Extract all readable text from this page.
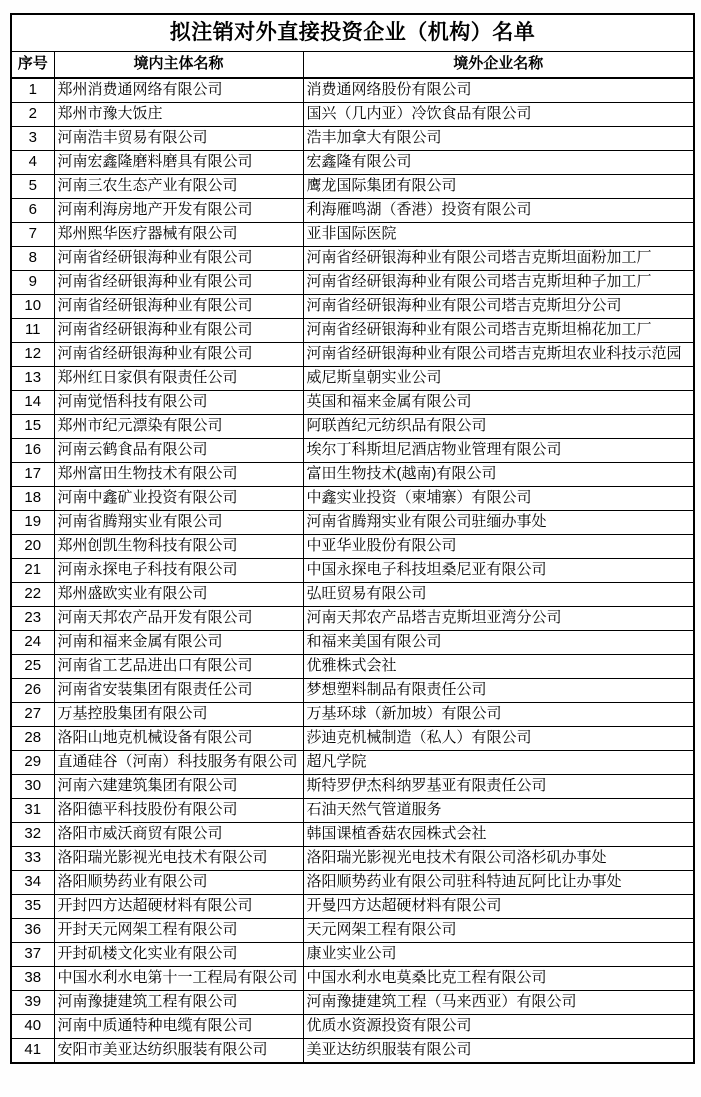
拟注销对外直接投资企业（机构）名单		
序号	境内主体名称	境外企业名称
1	郑州消费通网络有限公司	消费通网络股份有限公司
2	郑州市豫大饭庄	国兴（几内亚）冷饮食品有限公司
3	河南浩丰贸易有限公司	浩丰加拿大有限公司
4	河南宏鑫隆磨料磨具有限公司	宏鑫隆有限公司
5	河南三农生态产业有限公司	鹰龙国际集团有限公司
6	河南利海房地产开发有限公司	利海雁鸣湖（香港）投资有限公司
7	郑州熙华医疗器械有限公司	亚非国际医院
8	河南省经研银海种业有限公司	河南省经研银海种业有限公司塔吉克斯坦面粉加工厂
9	河南省经研银海种业有限公司	河南省经研银海种业有限公司塔吉克斯坦种子加工厂
10	河南省经研银海种业有限公司	河南省经研银海种业有限公司塔吉克斯坦分公司
11	河南省经研银海种业有限公司	河南省经研银海种业有限公司塔吉克斯坦棉花加工厂
12	河南省经研银海种业有限公司	河南省经研银海种业有限公司塔吉克斯坦农业科技示范园
13	郑州红日家俱有限责任公司	威尼斯皇朝实业公司
14	河南觉悟科技有限公司	英国和福来金属有限公司
15	郑州市纪元漂染有限公司	阿联酋纪元纺织品有限公司
16	河南云鹤食品有限公司	埃尔丁科斯坦尼酒店物业管理有限公司
17	郑州富田生物技术有限公司	富田生物技术(越南)有限公司
18	河南中鑫矿业投资有限公司	中鑫实业投资（柬埔寨）有限公司
19	河南省腾翔实业有限公司	河南省腾翔实业有限公司驻缅办事处
20	郑州创凯生物科技有限公司	中亚华业股份有限公司
21	河南永探电子科技有限公司	中国永探电子科技坦桑尼亚有限公司
22	郑州盛欧实业有限公司	弘旺贸易有限公司
23	河南天邦农产品开发有限公司	河南天邦农产品塔吉克斯坦亚湾分公司
24	河南和福来金属有限公司	和福来美国有限公司
25	河南省工艺品进出口有限公司	优雅株式会社
26	河南省安装集团有限责任公司	梦想塑料制品有限责任公司
27	万基控股集团有限公司	万基环球（新加坡）有限公司
28	洛阳山地克机械设备有限公司	莎迪克机械制造（私人）有限公司
29	直通硅谷（河南）科技服务有限公司	超凡学院
30	河南六建建筑集团有限公司	斯特罗伊杰科纳罗基亚有限责任公司
31	洛阳德平科技股份有限公司	石油天然气管道服务
32	洛阳市威沃商贸有限公司	韩国课植香菇农园株式会社
33	洛阳瑞光影视光电技术有限公司	洛阳瑞光影视光电技术有限公司洛杉矶办事处
34	洛阳顺势药业有限公司	洛阳顺势药业有限公司驻科特迪瓦阿比让办事处
35	开封四方达超硬材料有限公司	开曼四方达超硬材料有限公司
36	开封天元网架工程有限公司	天元网架工程有限公司
37	开封矶楼文化实业有限公司	康业实业公司
38	中国水利水电第十一工程局有限公司	中国水利水电莫桑比克工程有限公司
39	河南豫捷建筑工程有限公司	河南豫捷建筑工程（马来西亚）有限公司
40	河南中质通特种电缆有限公司	优质水资源投资有限公司
41	安阳市美亚达纺织服装有限公司	美亚达纺织服装有限公司
